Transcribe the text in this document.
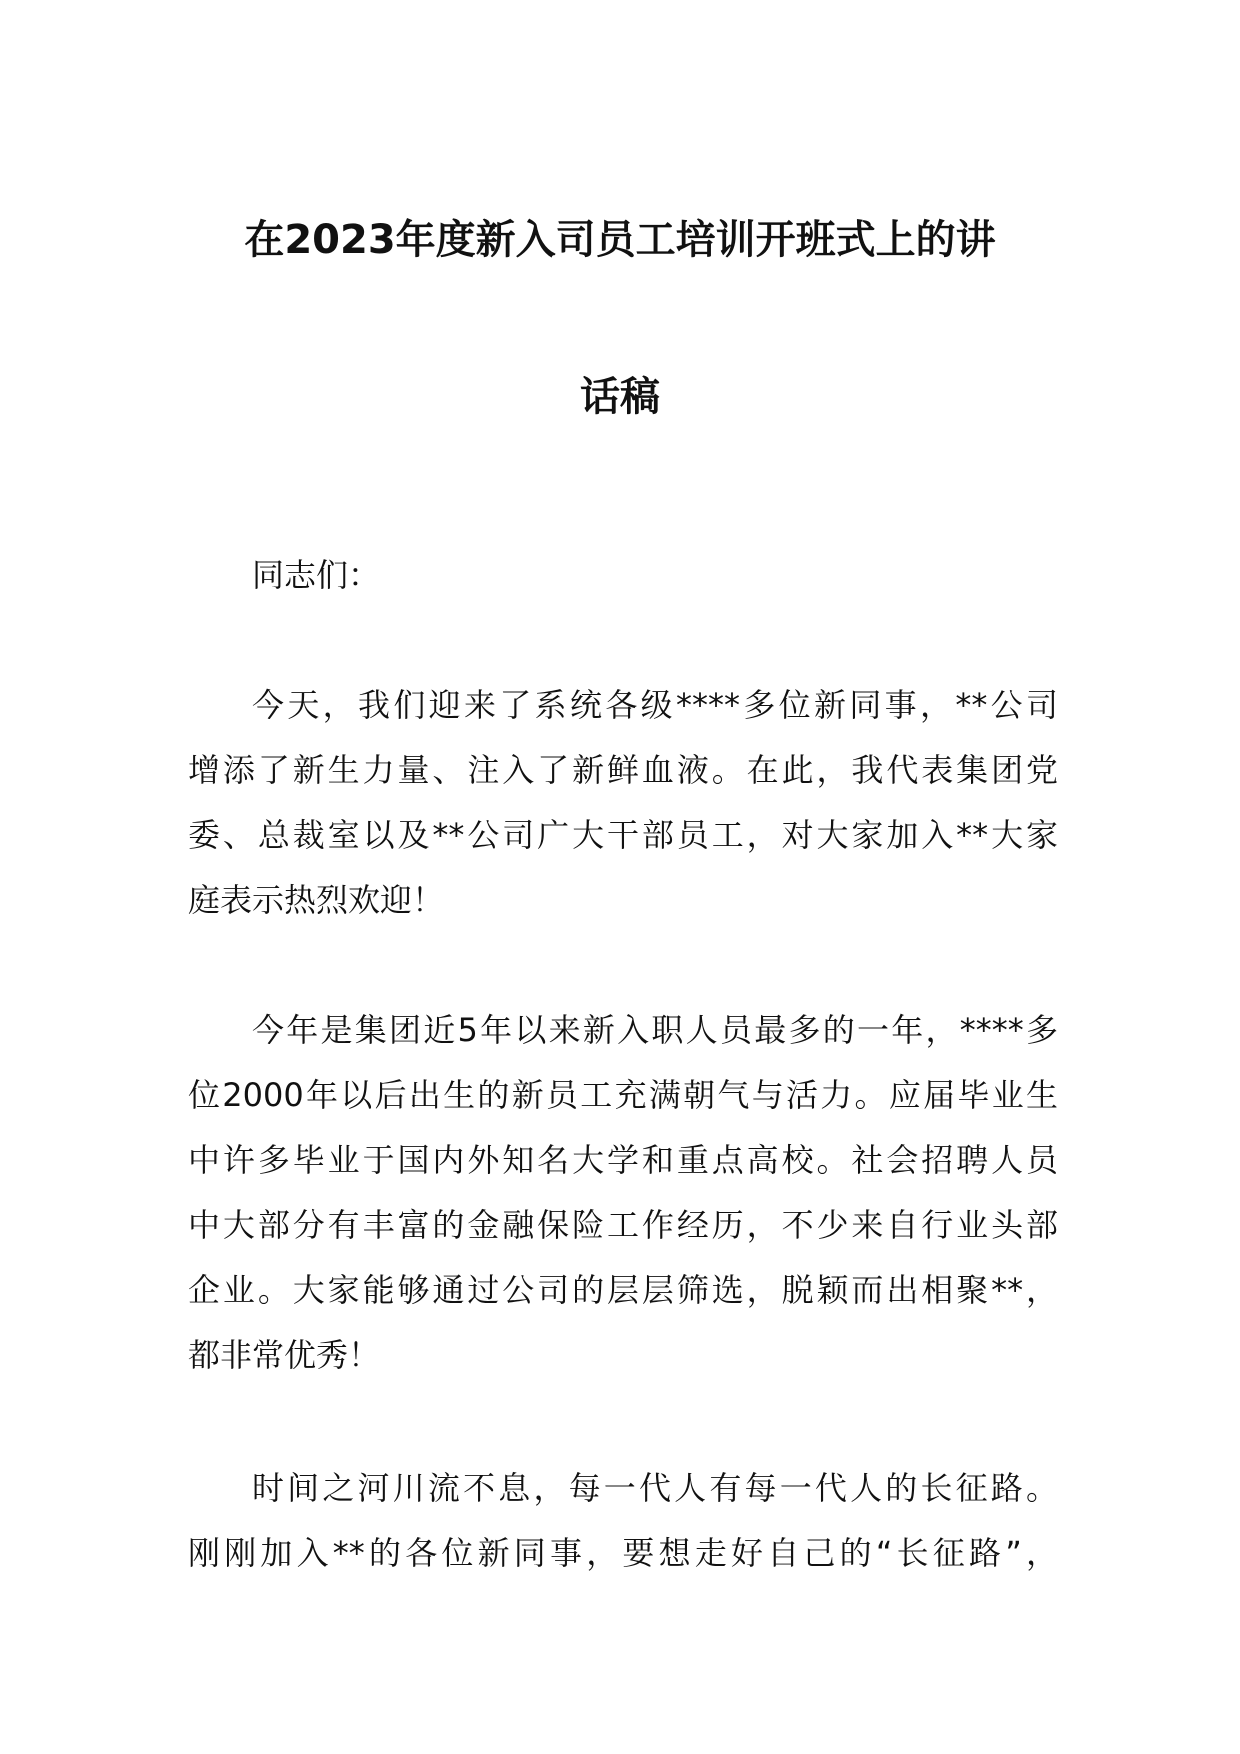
在2023年度新入司员工培训开班式上的讲
话稿
同志们：
今天，我们迎来了系统各级****多位新同事，**公司
增添了新生力量、注入了新鲜血液。在此，我代表集团党
委、总裁室以及**公司广大干部员工，对大家加入**大家
庭表示热烈欢迎！
今年是集团近5年以来新入职人员最多的一年，****多
位2000年以后出生的新员工充满朝气与活力。应届毕业生
中许多毕业于国内外知名大学和重点高校。社会招聘人员
中大部分有丰富的金融保险工作经历，不少来自行业头部
企业。大家能够通过公司的层层筛选，脱颖而出相聚**，
都非常优秀！
时间之河川流不息，每一代人有每一代人的长征路。
刚刚加入**的各位新同事，要想走好自己的“长征路”，
